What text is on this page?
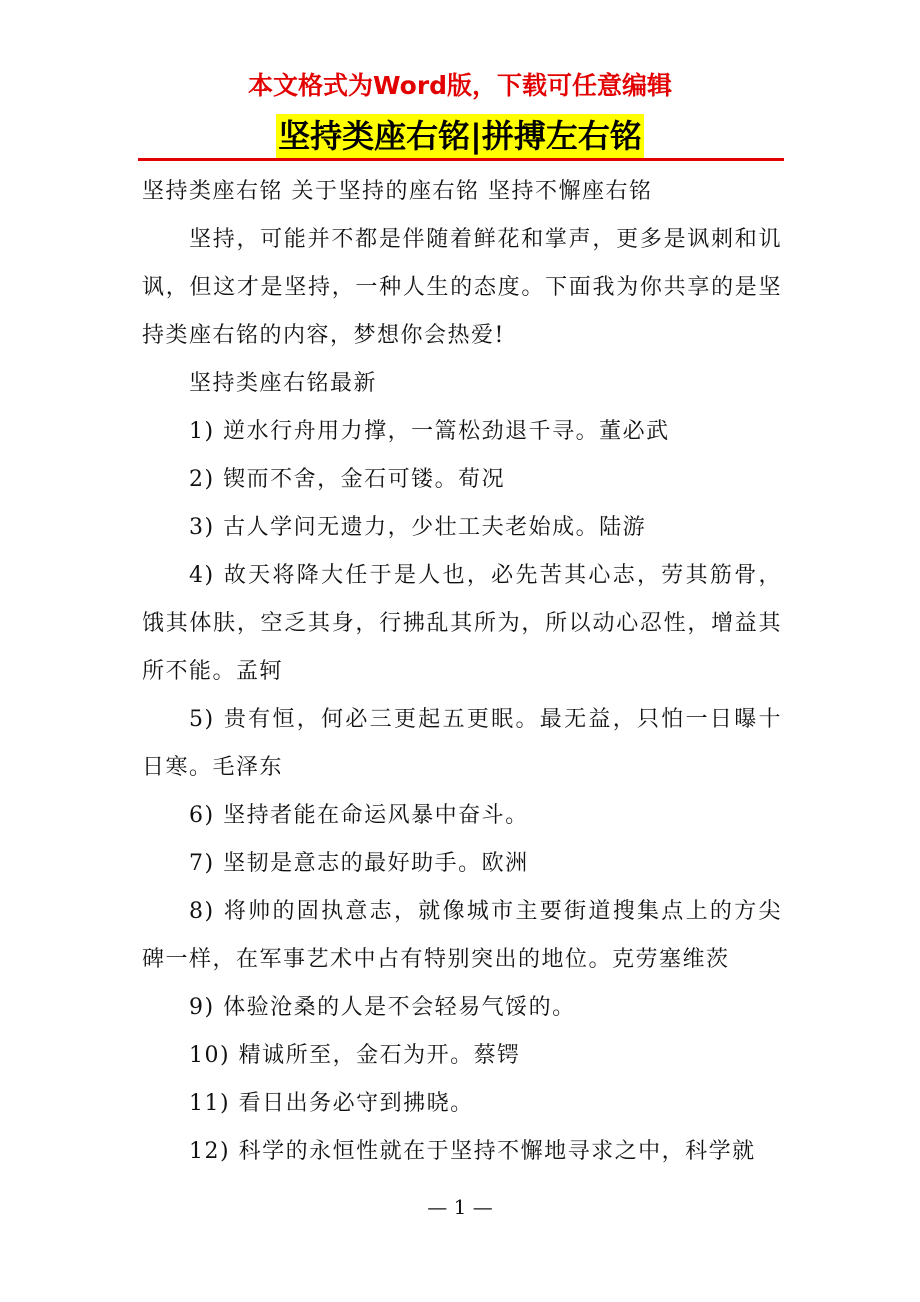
本文格式为Word版，下载可任意编辑
坚持类座右铭|拼搏左右铭

坚持类座右铭 关于坚持的座右铭 坚持不懈座右铭

坚持，可能并不都是伴随着鲜花和掌声，更多是讽刺和讥讽，但这才是坚持，一种人生的态度。下面我为你共享的是坚持类座右铭的内容，梦想你会热爱!

坚持类座右铭最新

1) 逆水行舟用力撑，一篙松劲退千寻。董必武

2) 锲而不舍，金石可镂。荀况

3) 古人学问无遗力，少壮工夫老始成。陆游

4) 故天将降大任于是人也，必先苦其心志，劳其筋骨，饿其体肤，空乏其身，行拂乱其所为，所以动心忍性，增益其所不能。孟轲

5) 贵有恒，何必三更起五更眠。最无益，只怕一日曝十日寒。毛泽东

6) 坚持者能在命运风暴中奋斗。

7) 坚韧是意志的最好助手。欧洲

8) 将帅的固执意志，就像城市主要街道搜集点上的方尖碑一样，在军事艺术中占有特别突出的地位。克劳塞维茨

9) 体验沧桑的人是不会轻易气馁的。

10) 精诚所至，金石为开。蔡锷

11) 看日出务必守到拂晓。

12) 科学的永恒性就在于坚持不懈地寻求之中，科学就

— 1 —
